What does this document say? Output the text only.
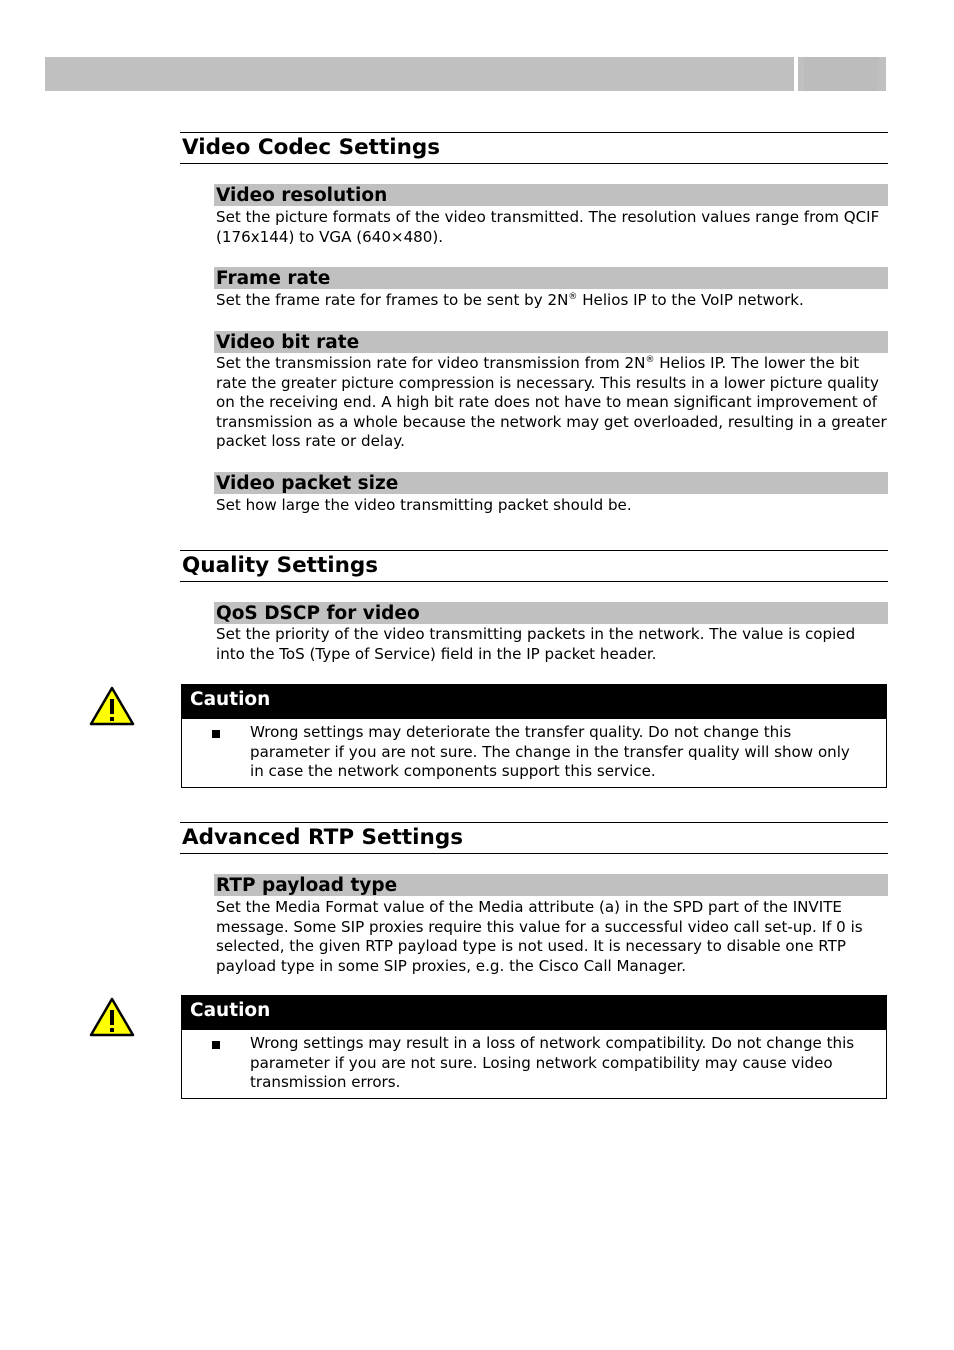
Video Codec Settings
Video resolution
Set the picture formats of the video transmitted. The resolution values range from QCIF (176x144) to VGA (640×480).
Frame rate
Set the frame rate for frames to be sent by 2N® Helios IP to the VoIP network.
Video bit rate
Set the transmission rate for video transmission from 2N® Helios IP. The lower the bit rate the greater picture compression is necessary. This results in a lower picture quality on the receiving end. A high bit rate does not have to mean significant improvement of transmission as a whole because the network may get overloaded, resulting in a greater packet loss rate or delay.
Video packet size
Set how large the video transmitting packet should be.
Quality Settings
QoS DSCP for video
Set the priority of the video transmitting packets in the network. The value is copied into the ToS (Type of Service) field in the IP packet header.
Caution
Wrong settings may deteriorate the transfer quality. Do not change this parameter if you are not sure. The change in the transfer quality will show only in case the network components support this service.
Advanced RTP Settings
RTP payload type
Set the Media Format value of the Media attribute (a) in the SPD part of the INVITE message. Some SIP proxies require this value for a successful video call set-up. If 0 is selected, the given RTP payload type is not used. It is necessary to disable one RTP payload type in some SIP proxies, e.g. the Cisco Call Manager.
Caution
Wrong settings may result in a loss of network compatibility. Do not change this parameter if you are not sure. Losing network compatibility may cause video transmission errors.
